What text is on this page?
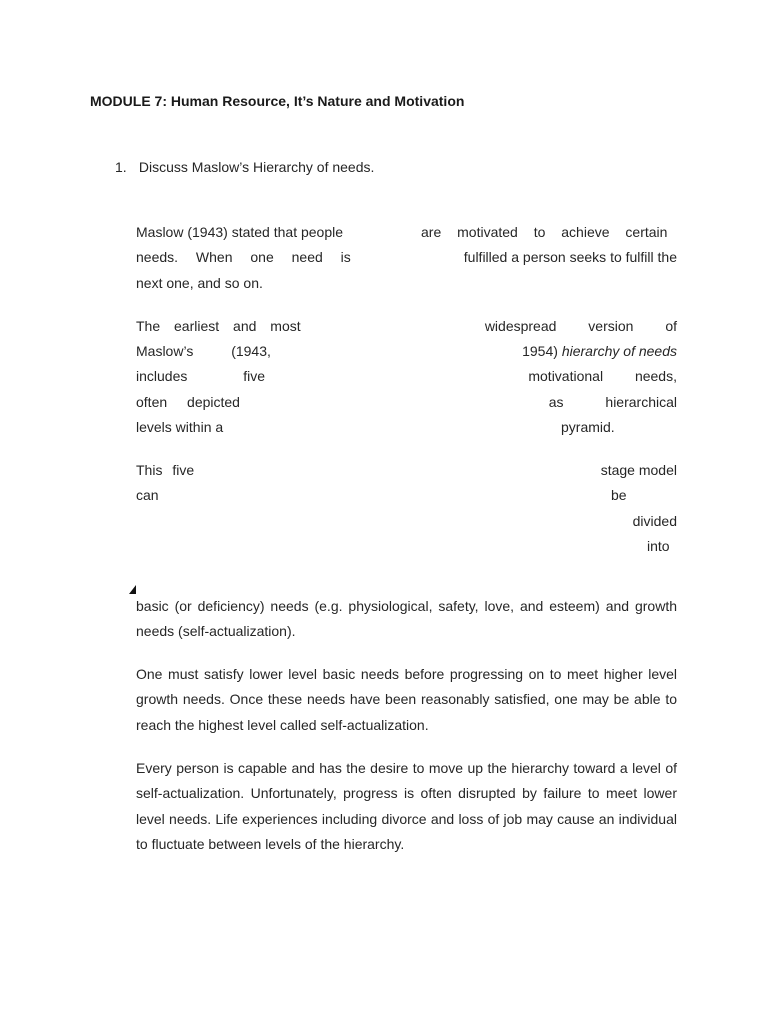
MODULE 7: Human Resource, It’s Nature and Motivation
1. Discuss Maslow’s Hierarchy of needs.
Maslow (1943) stated that people	are motivated to achieve certain
needs. When one need is	fulfilled a person seeks to fulfill the
next one, and so on.
The earliest and most	widespread version of
Maslow’s (1943,	1954) hierarchy of needs
includes five	motivational needs,
often depicted	as hierarchical
levels within a	pyramid.
This five	stage model
can	be
divided
into
basic (or deficiency) needs (e.g. physiological, safety, love, and esteem) and growth needs (self-actualization).
One must satisfy lower level basic needs before progressing on to meet higher level growth needs. Once these needs have been reasonably satisfied, one may be able to reach the highest level called self-actualization.
Every person is capable and has the desire to move up the hierarchy toward a level of self-actualization. Unfortunately, progress is often disrupted by failure to meet lower level needs. Life experiences including divorce and loss of job may cause an individual to fluctuate between levels of the hierarchy.
